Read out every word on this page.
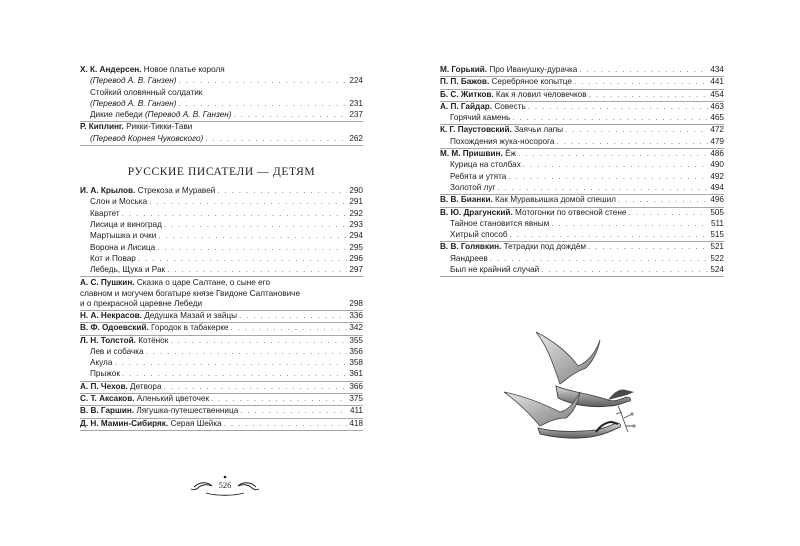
Х. К. Андерсен. Новое платье короля
(Перевод А. В. Ганзен) . . .	224
Стойкий оловянный солдатик
(Перевод А. В. Ганзен) . . .	231
Дикие лебеди (Перевод А. В. Ганзен) . . .	237
Р. Киплинг. Рикки-Тикки-Тави
(Перевод Корнея Чуковского) . . .	262
РУССКИЕ ПИСАТЕЛИ — ДЕТЯМ
И. А. Крылов. Стрекоза и Муравей . . .	290
Слон и Моська . . .	291
Квартет . . .	292
Лисица и виноград . . .	293
Мартышка и очки . . .	294
Ворона и Лисица . . .	295
Кот и Повар . . .	296
Лебедь, Щука и Рак . . .	297
А. С. Пушкин. Сказка о царе Салтане, о сыне его
славном и могучем богатыре князе Гвидоне Салтановиче
и о прекрасной царевне Лебеди	298
Н. А. Некрасов. Дедушка Мазай и зайцы . . .	336
В. Ф. Одоевский. Городок в табакерке . . .	342
Л. Н. Толстой. Котёнок . . .	355
Лев и собачка . . .	356
Акула . . .	358
Прыжок . . .	361
А. П. Чехов. Детвора . . .	366
С. Т. Аксаков. Аленький цветочек . . .	375
В. В. Гаршин. Лягушка-путешественница . . .	411
Д. Н. Мамин-Сибиряк. Серая Шейка . . .	418
М. Горький. Про Иванушку-дурачка . . .	434
П. П. Бажов. Серебряное копытце . . .	441
Б. С. Житков. Как я ловил человечков . . .	454
А. П. Гайдар. Совесть . . .	463
Горячий камень . . .	465
К. Г. Паустовский. Заячьи лапы . . .	472
Похождения жука-носорога . . .	479
М. М. Пришвин. Ёж . . .	486
Курица на столбах . . .	490
Ребята и утята . . .	492
Золотой луг . . .	494
В. В. Бианки. Как Муравьишка домой спешил . . .	496
В. Ю. Драгунский. Мотогонки по отвесной стене . . .	505
Тайное становится явным . . .	511
Хитрый способ . . .	515
В. В. Голявкин. Тетрадки под дождём . . .	521
Яандреев . . .	522
Был не крайний случай . . .	524
526
